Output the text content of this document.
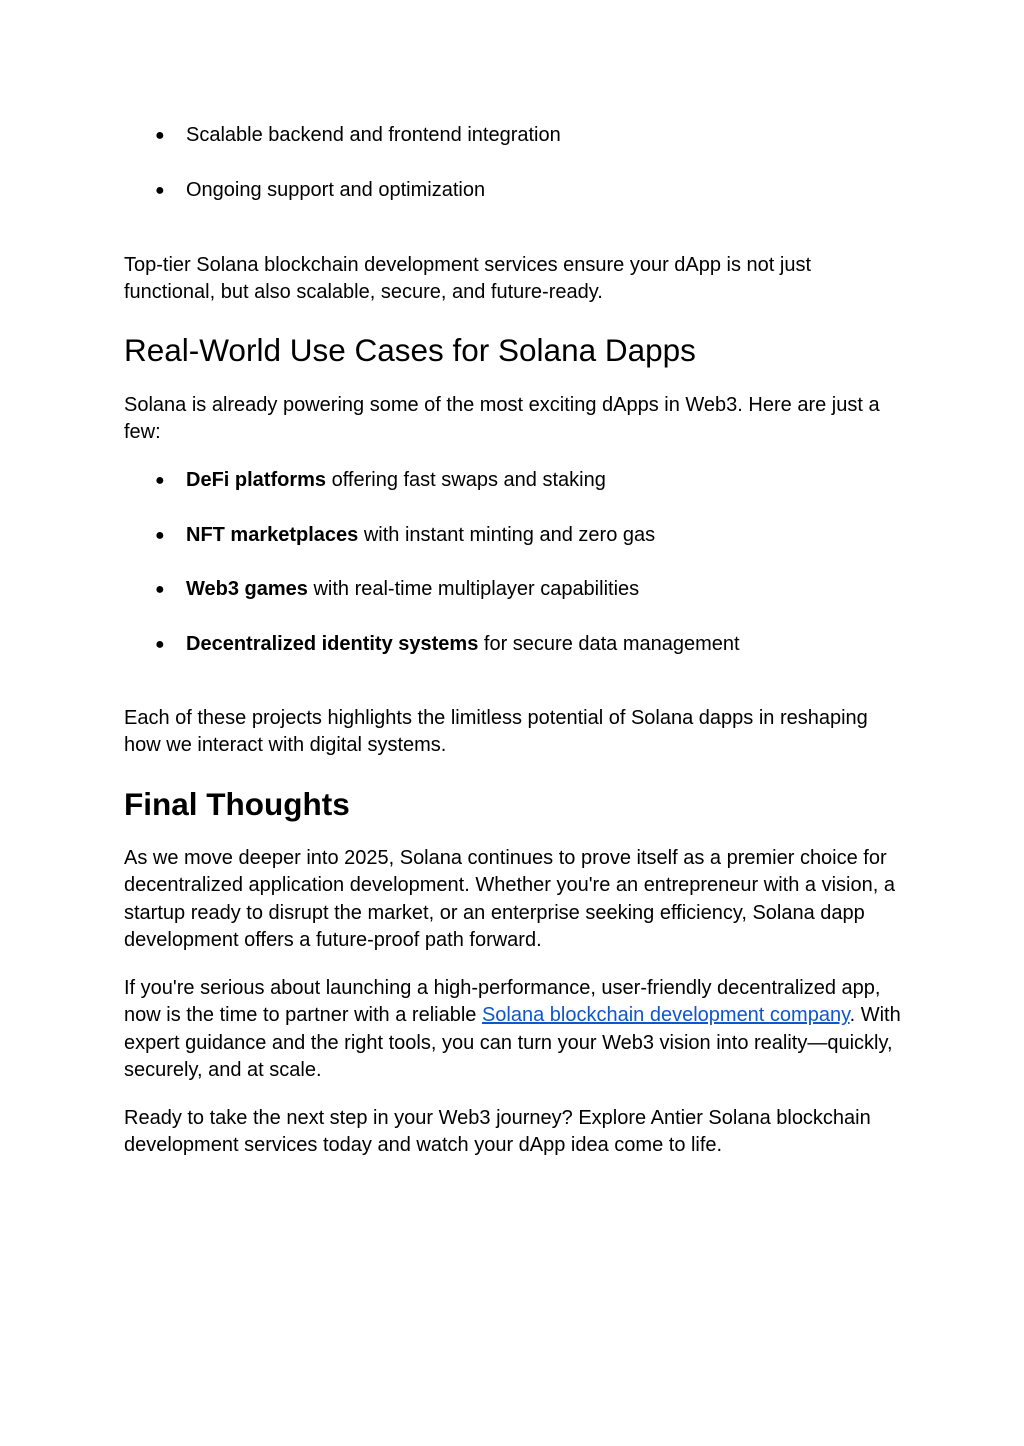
● Scalable backend and frontend integration
● Ongoing support and optimization

Top-tier Solana blockchain development services ensure your dApp is not just functional, but also scalable, secure, and future-ready.

Real-World Use Cases for Solana Dapps

Solana is already powering some of the most exciting dApps in Web3. Here are just a few:

● DeFi platforms offering fast swaps and staking
● NFT marketplaces with instant minting and zero gas
● Web3 games with real-time multiplayer capabilities
● Decentralized identity systems for secure data management

Each of these projects highlights the limitless potential of Solana dapps in reshaping how we interact with digital systems.

Final Thoughts

As we move deeper into 2025, Solana continues to prove itself as a premier choice for decentralized application development. Whether you're an entrepreneur with a vision, a startup ready to disrupt the market, or an enterprise seeking efficiency, Solana dapp development offers a future-proof path forward.

If you're serious about launching a high-performance, user-friendly decentralized app, now is the time to partner with a reliable Solana blockchain development company. With expert guidance and the right tools, you can turn your Web3 vision into reality—quickly, securely, and at scale.

Ready to take the next step in your Web3 journey? Explore Antier Solana blockchain development services today and watch your dApp idea come to life.
